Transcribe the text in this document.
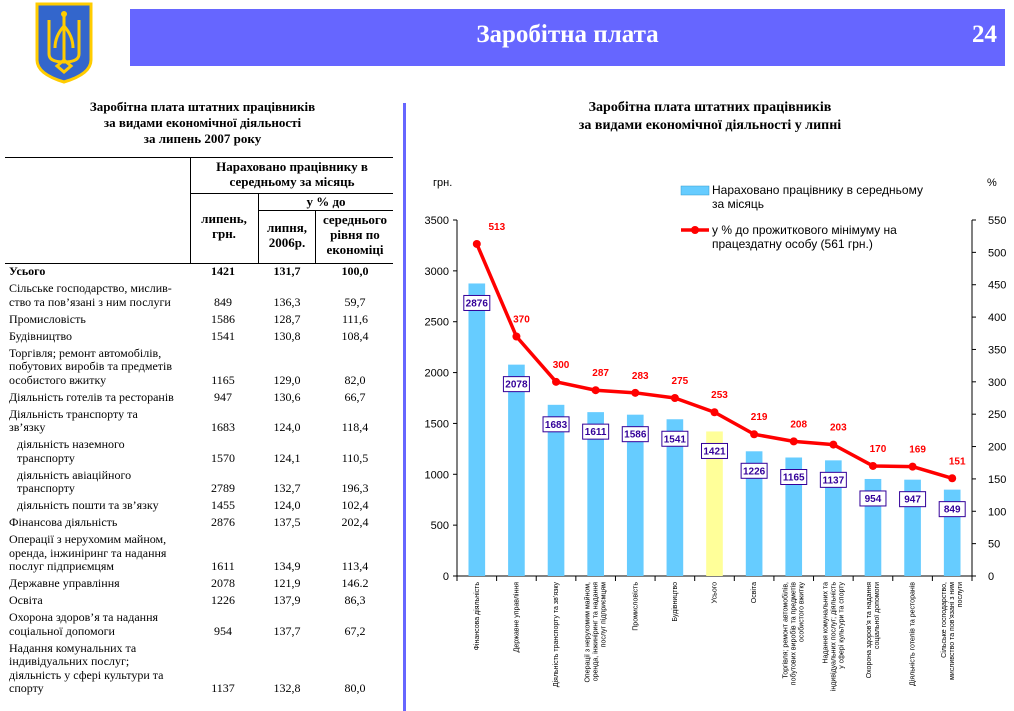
Заробітна плата	24
Заробітна плата штатних працівників
за видами економічної діяльності
за липень 2007 року
Нараховано працівнику в середньому за місяць
липень, грн.
у % до
липня, 2006р.
середнього рівня по економіці
Усього	1421	131,7	100,0
Сільське господарство, мислив-
ство та пов’язані з ним послуги	849	136,3	59,7
Промисловість	1586	128,7	111,6
Будівництво	1541	130,8	108,4
Торгівля; ремонт автомобілів,
побутових виробів та предметів
особистого вжитку	1165	129,0	82,0
Діяльність готелів та ресторанів	947	130,6	66,7
Діяльність транспорту та
зв’язку	1683	124,0	118,4
діяльність наземного
транспорту	1570	124,1	110,5
діяльність авіаційного
транспорту	2789	132,7	196,3
діяльність пошти та зв’язку	1455	124,0	102,4
Фінансова діяльність	2876	137,5	202,4
Операції з нерухомим майном,
оренда, інжиніринг та надання
послуг підприємцям	1611	134,9	113,4
Державне управління	2078	121,9	146.2
Освіта	1226	137,9	86,3
Охорона здоров’я та надання
соціальної допомоги	954	137,7	67,2
Надання комунальних та
індивідуальних послуг;
діяльність у сфері культури та
спорту	1137	132,8	80,0
Заробітна плата штатних працівників
за видами економічної діяльності у липні
0
500
1000
1500
2000
2500
3000
3500
0
50
100
150
200
250
300
350
400
450
500
550
грн.	%
513
370
300
287 283 275
253
219
208 203
170 169
151
2876
2078
1683
1611 1586 1541
1421
1226
1165 1137
954 947
849
Фінансова діяльність	Державне управління	Діяльність транспорту та зв’язку	Операції з нерухомим майном, оренда, інжиніринг та надання послуг підприємцям	Промисловість	Будівництво	Усього	Освіта	Торгівля; ремонт автомобілів, побутових виробів та предметів особистого вжитку Надання комунальних та індивідуальних послуг; діяльність у сфері культури та спорту	Охорона здоров’я та надання соціальної допомоги	Діяльність готелів та ресторанів	Сільське господарство, мисливство та пов’язані з ним послуги
Нараховано працівнику в середньому
за місяць
у % до прожиткового мінімуму на
працездатну особу (561 грн.)
